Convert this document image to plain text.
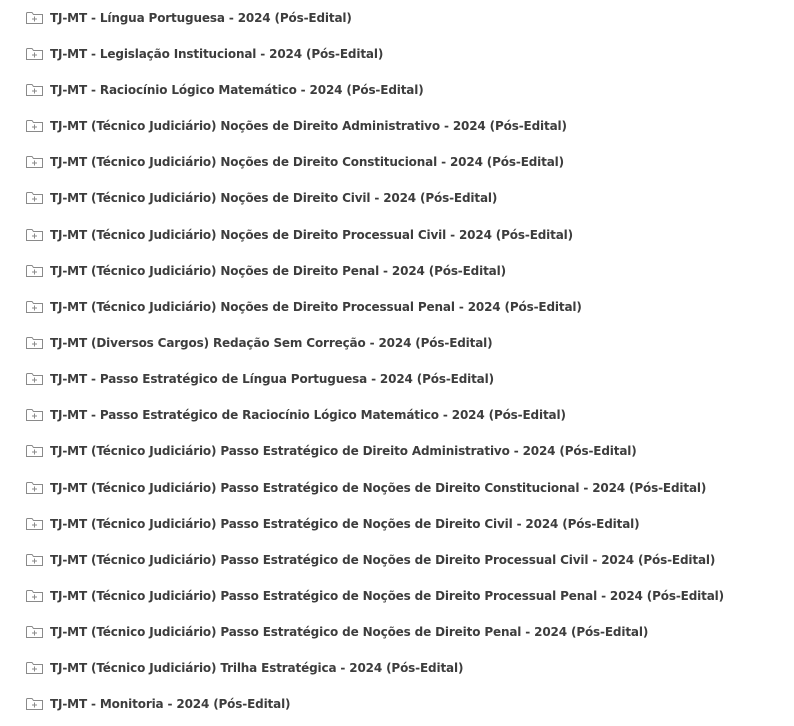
TJ-MT - Língua Portuguesa - 2024 (Pós-Edital)
TJ-MT - Legislação Institucional - 2024 (Pós-Edital)
TJ-MT - Raciocínio Lógico Matemático - 2024 (Pós-Edital)
TJ-MT (Técnico Judiciário) Noções de Direito Administrativo - 2024 (Pós-Edital)
TJ-MT (Técnico Judiciário) Noções de Direito Constitucional - 2024 (Pós-Edital)
TJ-MT (Técnico Judiciário) Noções de Direito Civil - 2024 (Pós-Edital)
TJ-MT (Técnico Judiciário) Noções de Direito Processual Civil - 2024 (Pós-Edital)
TJ-MT (Técnico Judiciário) Noções de Direito Penal - 2024 (Pós-Edital)
TJ-MT (Técnico Judiciário) Noções de Direito Processual Penal - 2024 (Pós-Edital)
TJ-MT (Diversos Cargos) Redação Sem Correção - 2024 (Pós-Edital)
TJ-MT - Passo Estratégico de Língua Portuguesa - 2024 (Pós-Edital)
TJ-MT - Passo Estratégico de Raciocínio Lógico Matemático - 2024 (Pós-Edital)
TJ-MT (Técnico Judiciário) Passo Estratégico de Direito Administrativo - 2024 (Pós-Edital)
TJ-MT (Técnico Judiciário) Passo Estratégico de Noções de Direito Constitucional - 2024 (Pós-Edital)
TJ-MT (Técnico Judiciário) Passo Estratégico de Noções de Direito Civil - 2024 (Pós-Edital)
TJ-MT (Técnico Judiciário) Passo Estratégico de Noções de Direito Processual Civil - 2024 (Pós-Edital)
TJ-MT (Técnico Judiciário) Passo Estratégico de Noções de Direito Processual Penal - 2024 (Pós-Edital)
TJ-MT (Técnico Judiciário) Passo Estratégico de Noções de Direito Penal - 2024 (Pós-Edital)
TJ-MT (Técnico Judiciário) Trilha Estratégica - 2024 (Pós-Edital)
TJ-MT - Monitoria - 2024 (Pós-Edital)
